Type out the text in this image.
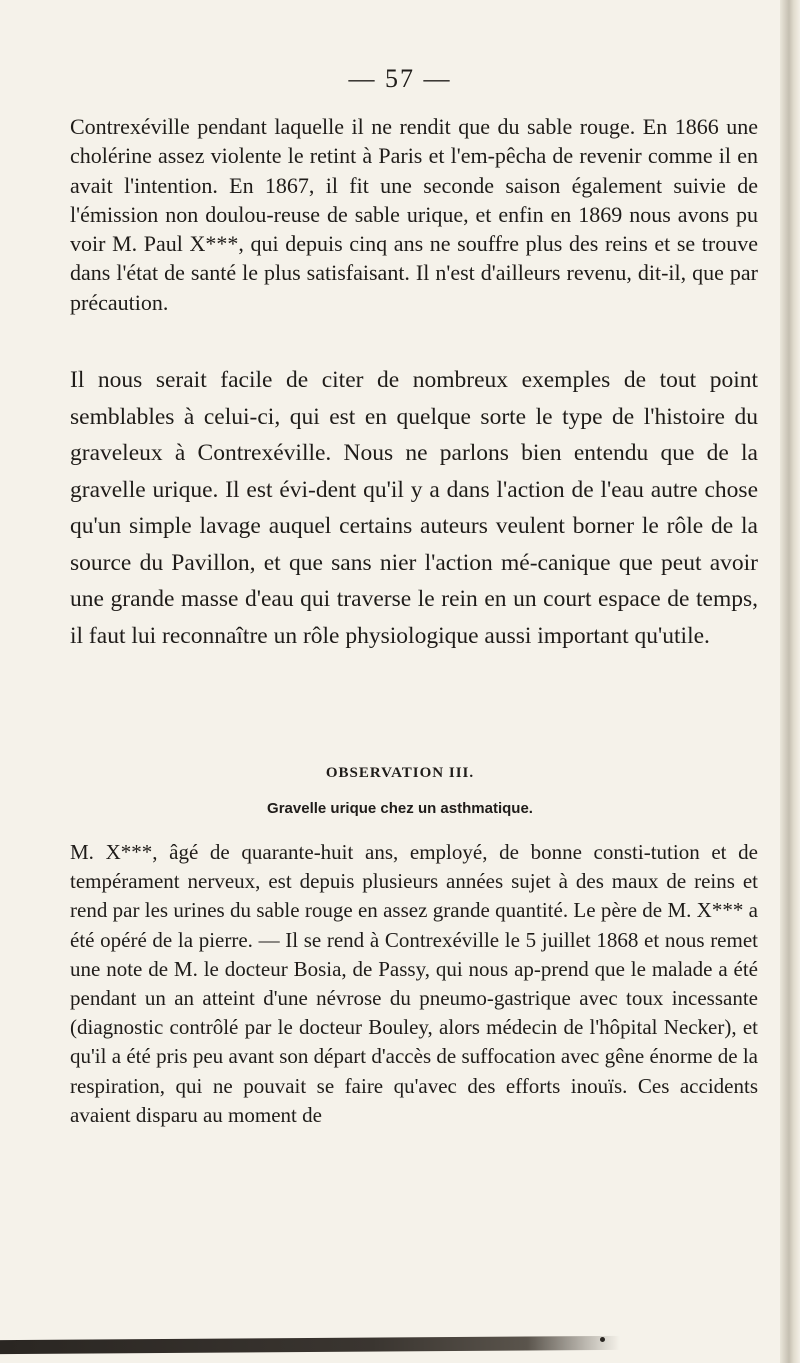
— 57 —

Contrexéville pendant laquelle il ne rendit que du sable rouge. En 1866 une cholérine assez violente le retint à Paris et l'em-pêcha de revenir comme il en avait l'intention. En 1867, il fit une seconde saison également suivie de l'émission non doulou-reuse de sable urique, et enfin en 1869 nous avons pu voir M. Paul X***, qui depuis cinq ans ne souffre plus des reins et se trouve dans l'état de santé le plus satisfaisant. Il n'est d'ailleurs revenu, dit-il, que par précaution.

Il nous serait facile de citer de nombreux exemples de tout point semblables à celui-ci, qui est en quelque sorte le type de l'histoire du graveleux à Contrexéville. Nous ne parlons bien entendu que de la gravelle urique. Il est évi-dent qu'il y a dans l'action de l'eau autre chose qu'un simple lavage auquel certains auteurs veulent borner le rôle de la source du Pavillon, et que sans nier l'action mé-canique que peut avoir une grande masse d'eau qui traverse le rein en un court espace de temps, il faut lui reconnaître un rôle physiologique aussi important qu'utile.

OBSERVATION III.
Gravelle urique chez un asthmatique.

M. X***, âgé de quarante-huit ans, employé, de bonne consti-tution et de tempérament nerveux, est depuis plusieurs années sujet à des maux de reins et rend par les urines du sable rouge en assez grande quantité. Le père de M. X*** a été opéré de la pierre. — Il se rend à Contrexéville le 5 juillet 1868 et nous remet une note de M. le docteur Bosia, de Passy, qui nous ap-prend que le malade a été pendant un an atteint d'une névrose du pneumo-gastrique avec toux incessante (diagnostic contrôlé par le docteur Bouley, alors médecin de l'hôpital Necker), et qu'il a été pris peu avant son départ d'accès de suffocation avec gêne énorme de la respiration, qui ne pouvait se faire qu'avec des efforts inouïs. Ces accidents avaient disparu au moment de
